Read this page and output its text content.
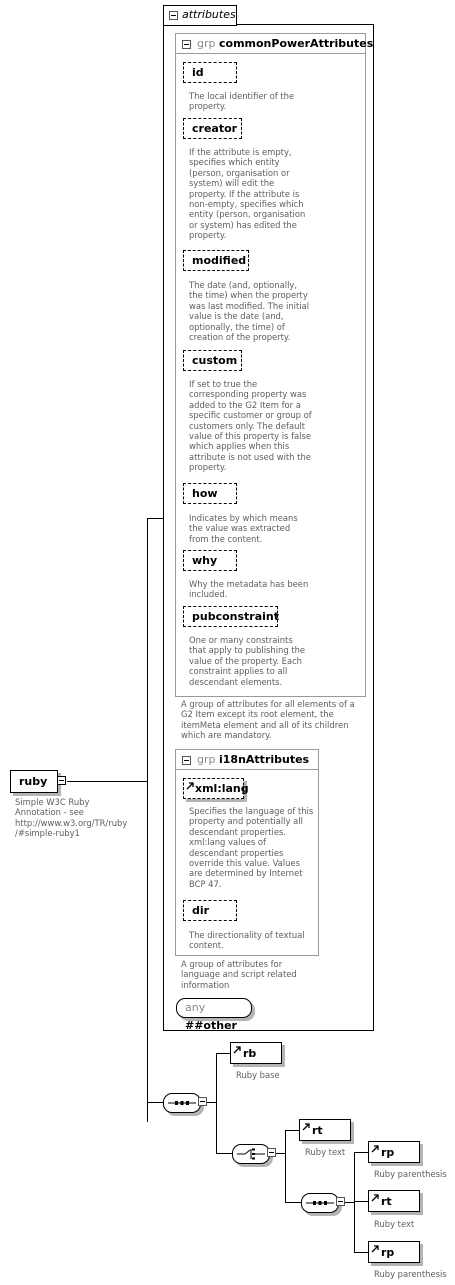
attributes
grp commonPowerAttributes
id
The local identifier of the
property.
creator
If the attribute is empty,
specifies which entity
(person, organisation or
system) will edit the
property. If the attribute is
non-empty, specifies which
entity (person, organisation
or system) has edited the
property.
modified
The date (and, optionally,
the time) when the property
was last modified. The initial
value is the date (and,
optionally, the time) of
creation of the property.
custom
If set to true the
corresponding property was
added to the G2 Item for a
specific customer or group of
customers only. The default
value of this property is false
which applies when this
attribute is not used with the
property.
how
Indicates by which means
the value was extracted
from the content.
why
Why the metadata has been
included.
pubconstraint
One or many constraints
that apply to publishing the
value of the property. Each
constraint applies to all
descendant elements.
A group of attributes for all elements of a
G2 Item except its root element, the
itemMeta element and all of its children
which are mandatory.
grp i18nAttributes
xml:lang
Specifies the language of this
property and potentially all
descendant properties.
xml:lang values of
descendant properties
override this value. Values
are determined by Internet
BCP 47.
dir
The directionality of textual
content.
A group of attributes for
language and script related
information
any ##other
ruby
Simple W3C Ruby
Annotation - see
http://www.w3.org/TR/ruby
/#simple-ruby1
rb
Ruby base
rt
Ruby text	rp
Ruby parenthesis
rt
Ruby text
rp
Ruby parenthesis
